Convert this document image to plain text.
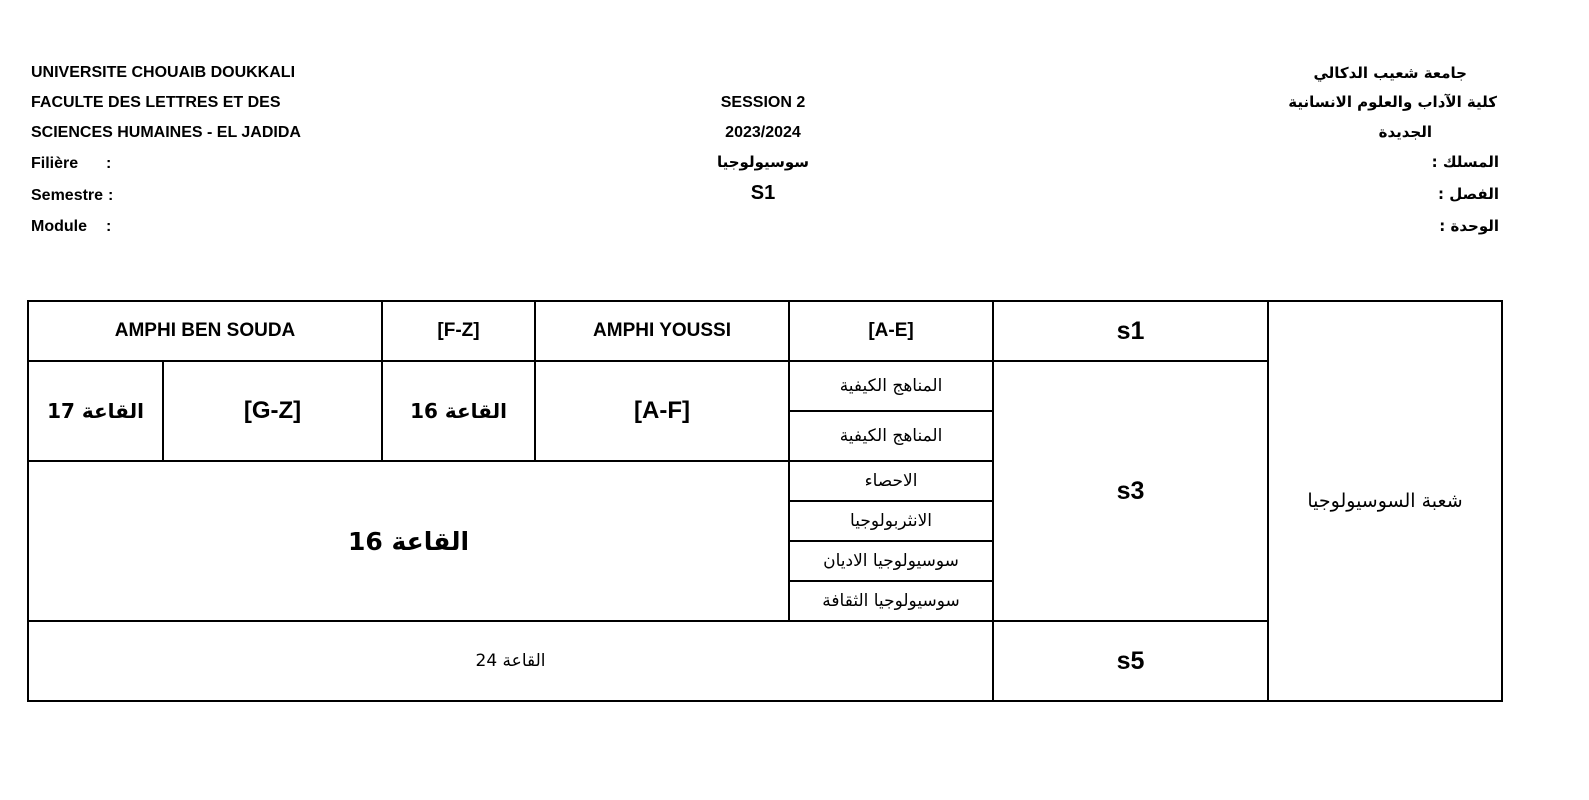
UNIVERSITE CHOUAIB DOUKKALI
FACULTE DES LETTRES ET DES
SCIENCES HUMAINES - EL JADIDA
Filière :
Semestre :
Module :
SESSION 2
2023/2024
سوسيولوجيا
S1
جامعة شعيب الدكالي
كلية الآداب والعلوم الانسانية
الجديدة
المسلك :
الفصل :
الوحدة :
AMPHI BEN SOUDA		[F-Z]	AMPHI YOUSSI	[A-E]	s1	شعبة السوسيولوجيا
القاعة 17	[G-Z]	القاعة 16	[A-F]	المناهج الكيفية	s3	
				المناهج الكيفية		
القاعة 16				الاحصاء		
				الانثربولوجيا		
				سوسيولوجيا الاديان		
				سوسيولوجيا الثقافة		
القاعة 24					s5	
